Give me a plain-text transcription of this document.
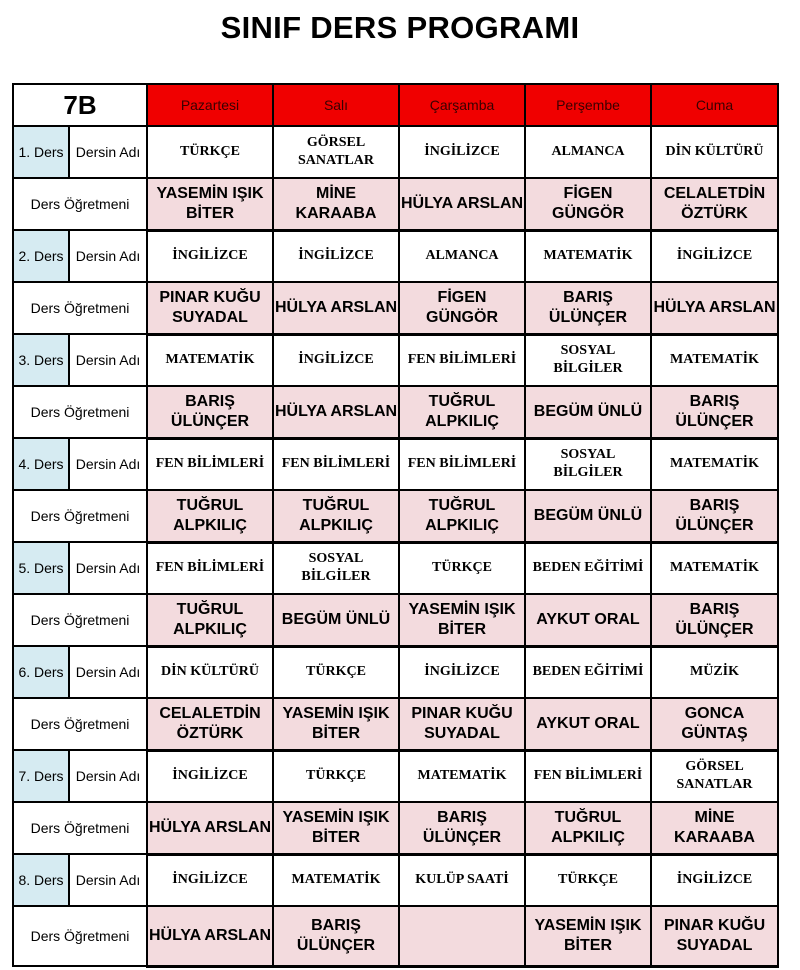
SINIF DERS PROGRAMI
7B		Pazartesi	Salı	Çarşamba	Perşembe	Cuma
1. Ders	Dersin Adı	TÜRKÇE	GÖRSEL SANATLAR	İNGİLİZCE	ALMANCA	DİN KÜLTÜRÜ
Ders Öğretmeni		YASEMİN IŞIK BİTER	MİNE KARAABA	HÜLYA ARSLAN	FİGEN GÜNGÖR	CELALETDİN ÖZTÜRK
2. Ders	Dersin Adı	İNGİLİZCE	İNGİLİZCE	ALMANCA	MATEMATİK	İNGİLİZCE
Ders Öğretmeni		PINAR KUĞU SUYADAL	HÜLYA ARSLAN	FİGEN GÜNGÖR	BARIŞ ÜLÜNÇER	HÜLYA ARSLAN
3. Ders	Dersin Adı	MATEMATİK	İNGİLİZCE	FEN BİLİMLERİ	SOSYAL BİLGİLER	MATEMATİK
Ders Öğretmeni		BARIŞ ÜLÜNÇER	HÜLYA ARSLAN	TUĞRUL ALPKILIÇ	BEGÜM ÜNLÜ	BARIŞ ÜLÜNÇER
4. Ders	Dersin Adı	FEN BİLİMLERİ	FEN BİLİMLERİ	FEN BİLİMLERİ	SOSYAL BİLGİLER	MATEMATİK
Ders Öğretmeni		TUĞRUL ALPKILIÇ	TUĞRUL ALPKILIÇ	TUĞRUL ALPKILIÇ	BEGÜM ÜNLÜ	BARIŞ ÜLÜNÇER
5. Ders	Dersin Adı	FEN BİLİMLERİ	SOSYAL BİLGİLER	TÜRKÇE	BEDEN EĞİTİMİ	MATEMATİK
Ders Öğretmeni		TUĞRUL ALPKILIÇ	BEGÜM ÜNLÜ	YASEMİN IŞIK BİTER	AYKUT ORAL	BARIŞ ÜLÜNÇER
6. Ders	Dersin Adı	DİN KÜLTÜRÜ	TÜRKÇE	İNGİLİZCE	BEDEN EĞİTİMİ	MÜZİK
Ders Öğretmeni		CELALETDİN ÖZTÜRK	YASEMİN IŞIK BİTER	PINAR KUĞU SUYADAL	AYKUT ORAL	GONCA GÜNTAŞ
7. Ders	Dersin Adı	İNGİLİZCE	TÜRKÇE	MATEMATİK	FEN BİLİMLERİ	GÖRSEL SANATLAR
Ders Öğretmeni		HÜLYA ARSLAN	YASEMİN IŞIK BİTER	BARIŞ ÜLÜNÇER	TUĞRUL ALPKILIÇ	MİNE KARAABA
8. Ders	Dersin Adı	İNGİLİZCE	MATEMATİK	KULÜP SAATİ	TÜRKÇE	İNGİLİZCE
Ders Öğretmeni		HÜLYA ARSLAN	BARIŞ ÜLÜNÇER		YASEMİN IŞIK BİTER	PINAR KUĞU SUYADAL
